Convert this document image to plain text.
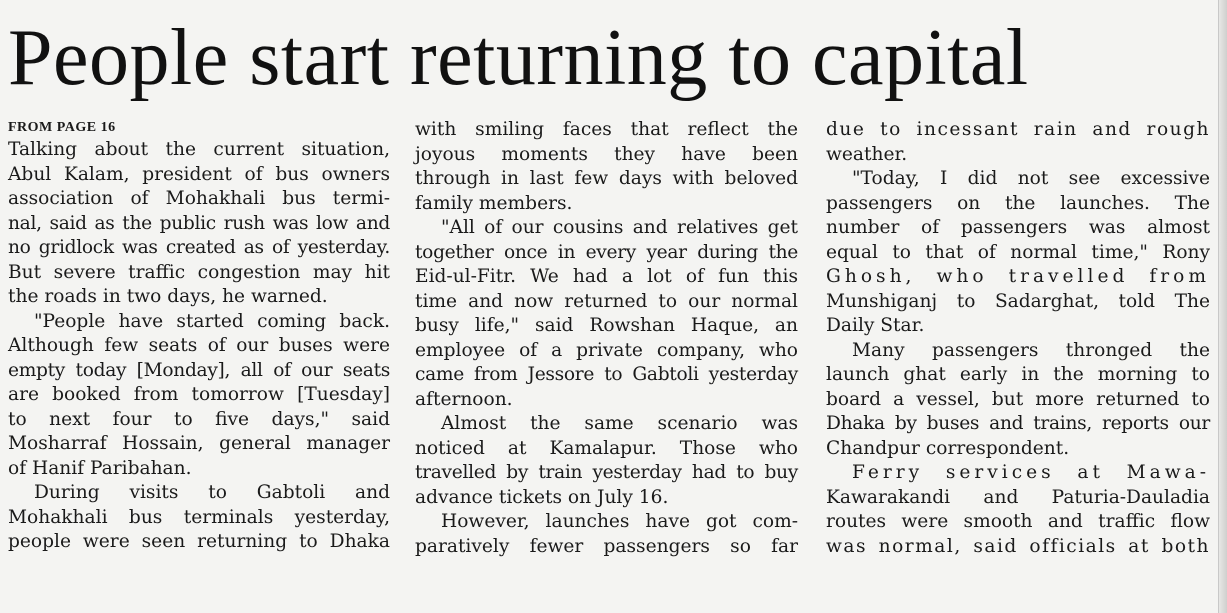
People start returning to capital
FROM PAGE 16
Talking about the current situation,
Abul Kalam, president of bus owners
association of Mohakhali bus termi-
nal, said as the public rush was low and
no gridlock was created as of yesterday.
But severe traffic congestion may hit
the roads in two days, he warned.
"People have started coming back.
Although few seats of our buses were
empty today [Monday], all of our seats
are booked from tomorrow [Tuesday]
to next four to five days," said
Mosharraf Hossain, general manager
of Hanif Paribahan.
During visits to Gabtoli and
Mohakhali bus terminals yesterday,
people were seen returning to Dhaka
with smiling faces that reflect the
joyous moments they have been
through in last few days with beloved
family members.
"All of our cousins and relatives get
together once in every year during the
Eid-ul-Fitr. We had a lot of fun this
time and now returned to our normal
busy life," said Rowshan Haque, an
employee of a private company, who
came from Jessore to Gabtoli yesterday
afternoon.
Almost the same scenario was
noticed at Kamalapur. Those who
travelled by train yesterday had to buy
advance tickets on July 16.
However, launches have got com-
paratively fewer passengers so far
due to incessant rain and rough
weather.
"Today, I did not see excessive
passengers on the launches. The
number of passengers was almost
equal to that of normal time," Rony
Ghosh, who travelled from
Munshiganj to Sadarghat, told The
Daily Star.
Many passengers thronged the
launch ghat early in the morning to
board a vessel, but more returned to
Dhaka by buses and trains, reports our
Chandpur correspondent.
Ferry services at Mawa-
Kawarakandi and Paturia-Dauladia
routes were smooth and traffic flow
was normal, said officials at both
